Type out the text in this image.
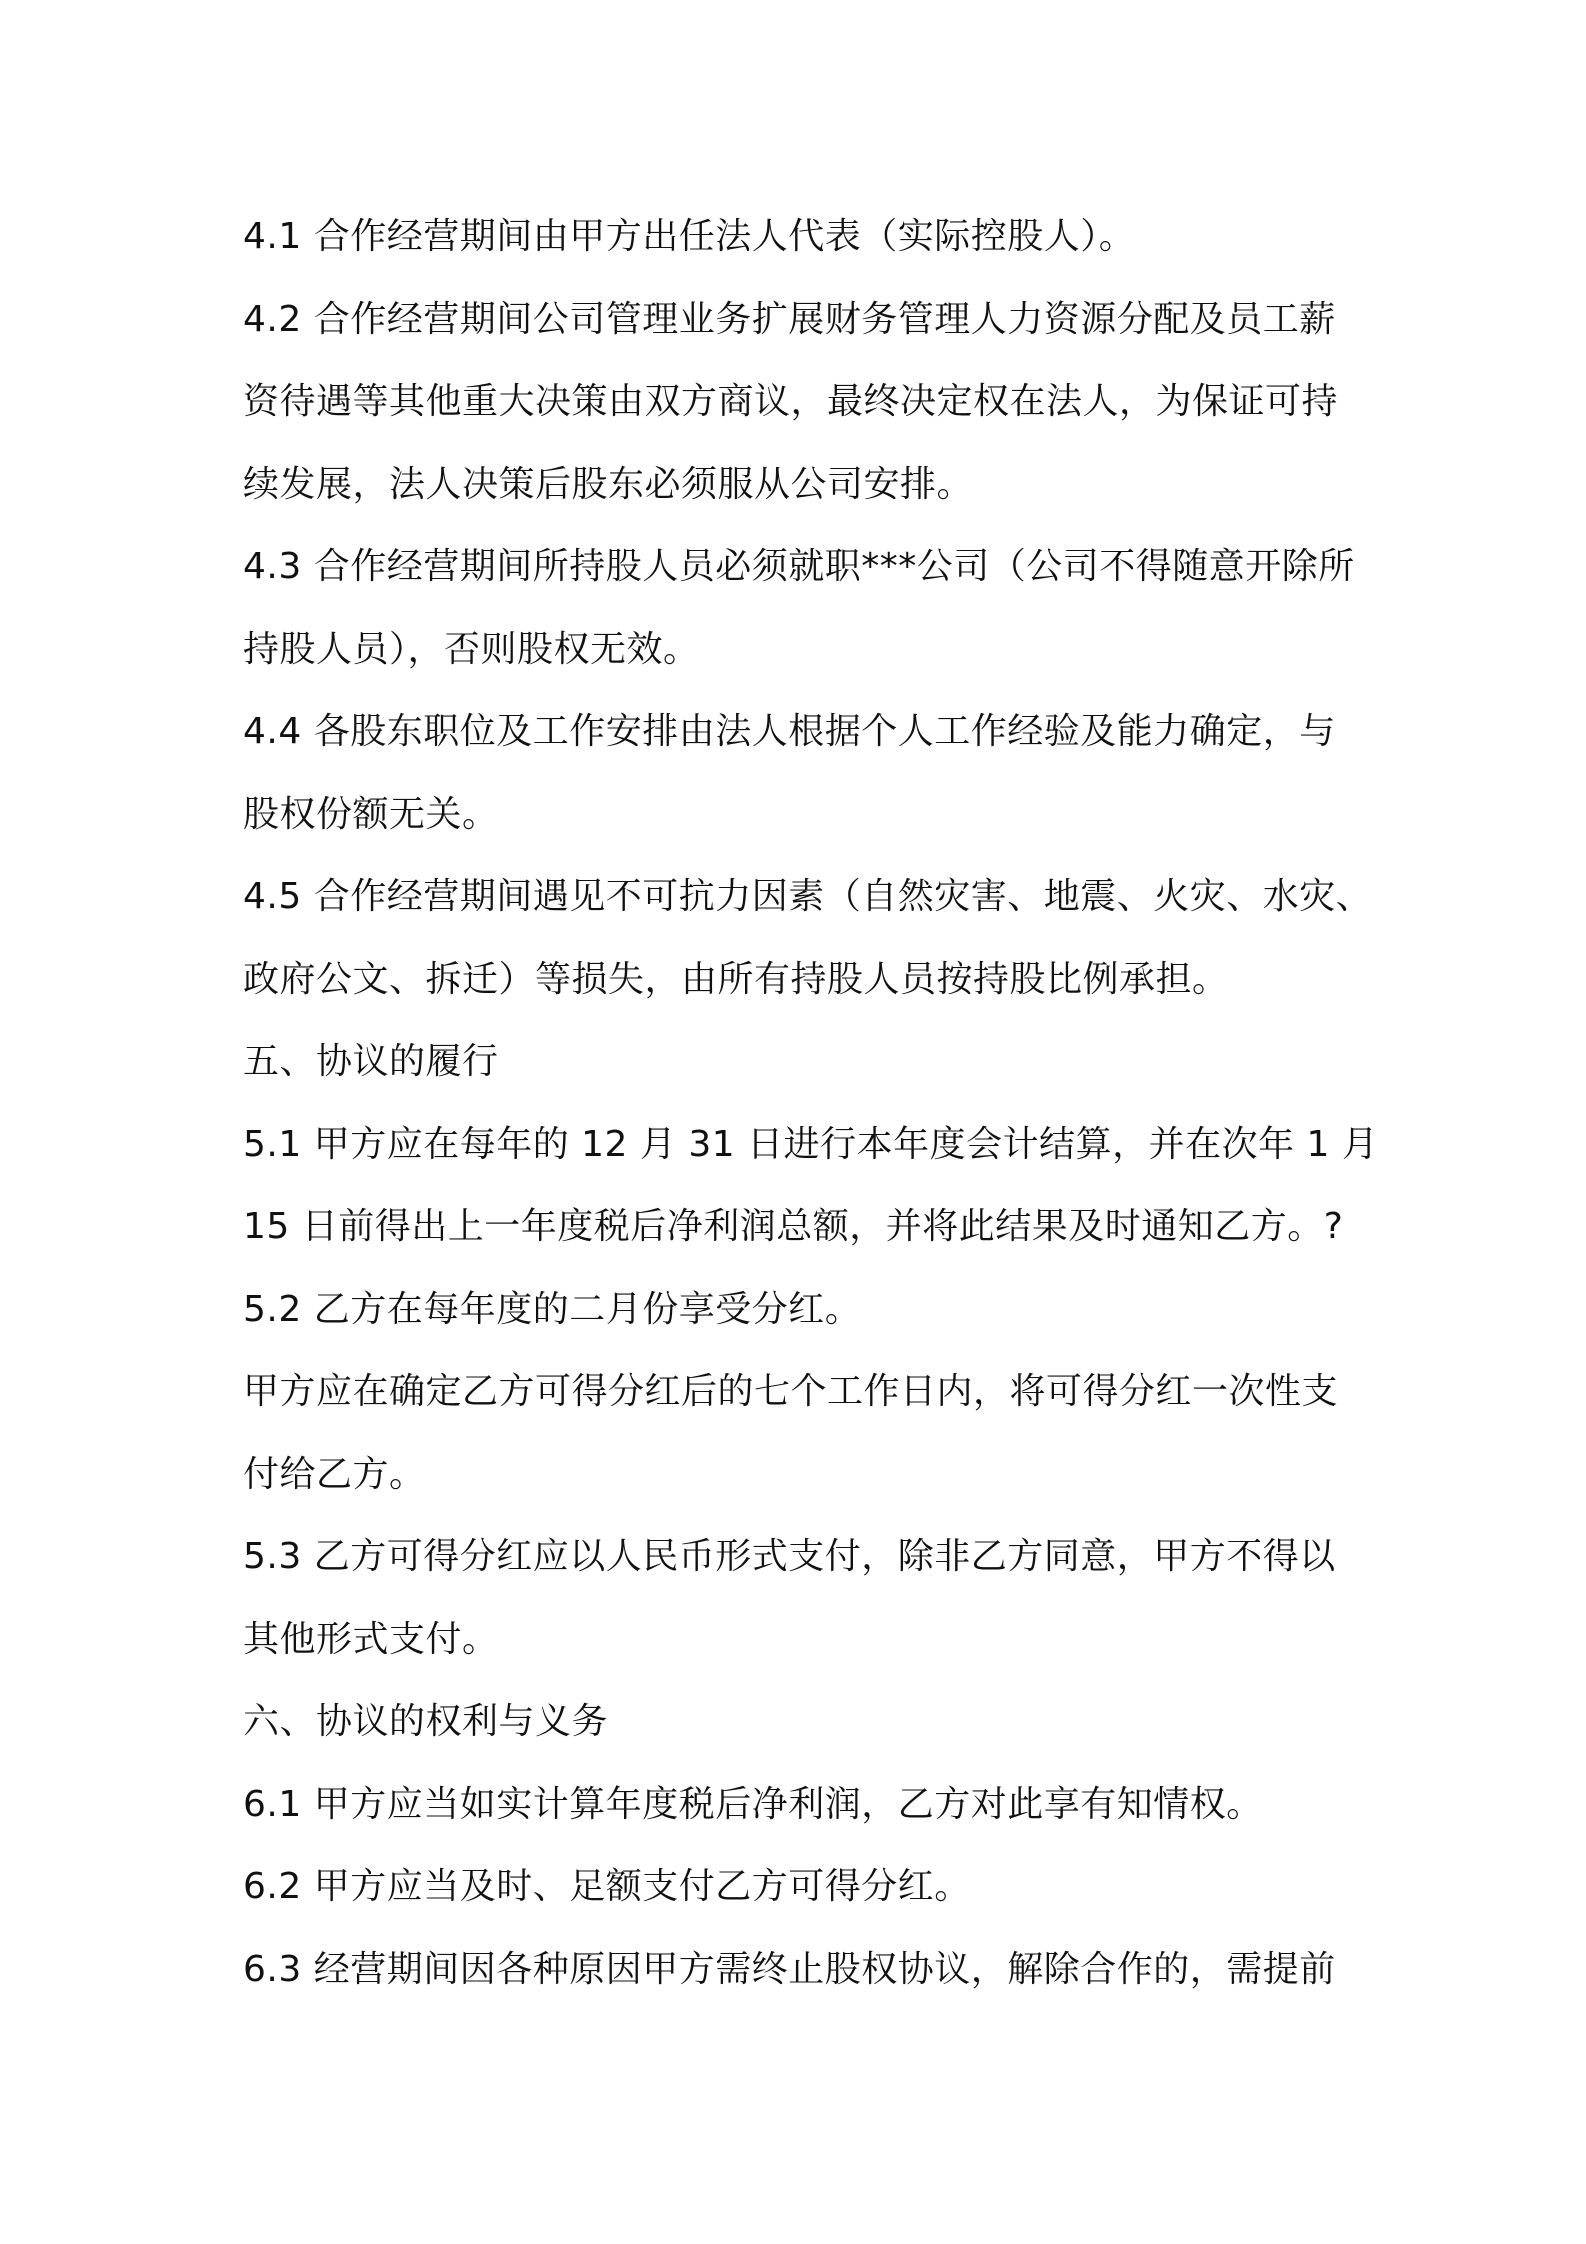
4.1 合作经营期间由甲方出任法人代表（实际控股人）。
4.2 合作经营期间公司管理业务扩展财务管理人力资源分配及员工薪
资待遇等其他重大决策由双方商议，最终决定权在法人，为保证可持
续发展，法人决策后股东必须服从公司安排。
4.3 合作经营期间所持股人员必须就职***公司（公司不得随意开除所
持股人员），否则股权无效。
4.4 各股东职位及工作安排由法人根据个人工作经验及能力确定，与
股权份额无关。
4.5 合作经营期间遇见不可抗力因素（自然灾害、地震、火灾、水灾、
政府公文、拆迁）等损失，由所有持股人员按持股比例承担。
五、协议的履行
5.1 甲方应在每年的 12 月 31 日进行本年度会计结算，并在次年 1 月
15 日前得出上一年度税后净利润总额，并将此结果及时通知乙方。?
5.2 乙方在每年度的二月份享受分红。
甲方应在确定乙方可得分红后的七个工作日内，将可得分红一次性支
付给乙方。
5.3 乙方可得分红应以人民币形式支付，除非乙方同意，甲方不得以
其他形式支付。
六、协议的权利与义务
6.1 甲方应当如实计算年度税后净利润，乙方对此享有知情权。
6.2 甲方应当及时、足额支付乙方可得分红。
6.3 经营期间因各种原因甲方需终止股权协议，解除合作的，需提前
